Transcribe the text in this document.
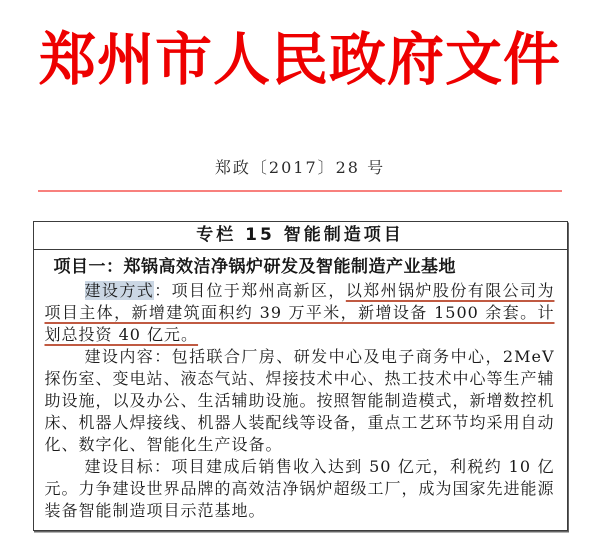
郑州市人民政府文件
郑政〔2017〕28 号
专栏 15 智能制造项目
项目一：郑锅高效洁净锅炉研发及智能制造产业基地

建设方式：项目位于郑州高新区，以郑州锅炉股份有限公司为项目主体，新增建筑面积约 39 万平米，新增设备 1500 余套。计划总投资 40 亿元。

建设内容：包括联合厂房、研发中心及电子商务中心，2MeV 探伤室、变电站、液态气站、焊接技术中心、热工技术中心等生产辅助设施，以及办公、生活辅助设施。按照智能制造模式，新增数控机床、机器人焊接线、机器人装配线等设备，重点工艺环节均采用自动化、数字化、智能化生产设备。

建设目标：项目建成后销售收入达到 50 亿元，利税约 10 亿元。力争建设世界品牌的高效洁净锅炉超级工厂，成为国家先进能源装备智能制造项目示范基地。
